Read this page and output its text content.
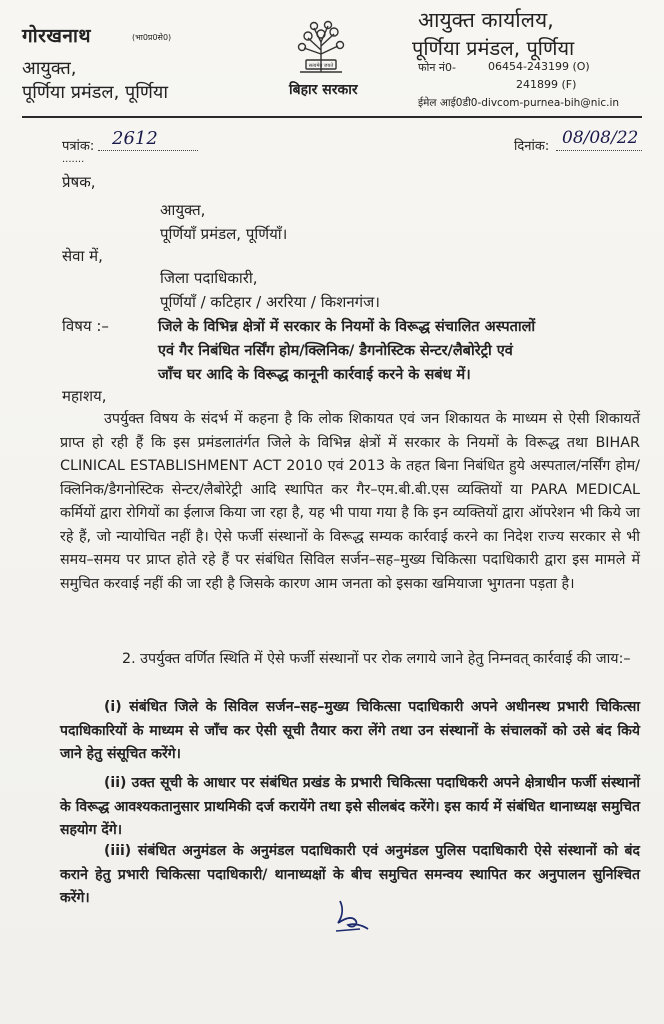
गोरखनाथ	(भा0प्र0से0)
आयुक्त,
पूर्णिया प्रमंडल, पूर्णिया
सत्यमेव जयते
बिहार सरकार
आयुक्त कार्यालय,
पूर्णिया प्रमंडल, पूर्णिया
फोन नं0-	06454-243199 (O)
241899 (F)
ईमेल आई0डी0-divcom-purnea-bih@nic.in
पत्रांक: 2612
.......
दिनांक: 08/08/22
प्रेषक,
आयुक्त,
पूर्णियाँ प्रमंडल, पूर्णियाँ।
सेवा में,
जिला पदाधिकारी,
पूर्णियाँ / कटिहार / अररिया / किशनगंज।
विषय :–	जिले के विभिन्न क्षेत्रों में सरकार के नियमों के विरूद्ध संचालित अस्पतालों
एवं गैर निबंधित नर्सिंग होम/क्लिनिक/ डैगनोस्टिक सेन्टर/लैबोरेट्री एवं
जाँच घर आदि के विरूद्ध कानूनी कार्रवाई करने के सबंध में।
महाशय,
उपर्युक्त विषय के संदर्भ में कहना है कि लोक शिकायत एवं जन शिकायत के माध्यम से ऐसी शिकायतें प्राप्त हो रही हैं कि इस प्रमंडलातंर्गत जिले के विभिन्न क्षेत्रों में सरकार के नियमों के विरूद्ध तथा BIHAR CLINICAL ESTABLISHMENT ACT 2010 एवं 2013 के तहत बिना निबंधित हुये अस्पताल/नर्सिंग होम/क्लिनिक/डैगनोस्टिक सेन्टर/लैबोरेट्री आदि स्थापित कर गैर–एम.बी.बी.एस व्यक्तियों या PARA MEDICAL कर्मियों द्वारा रोगियों का ईलाज किया जा रहा है, यह भी पाया गया है कि इन व्यक्तियों द्वारा ऑपरेशन भी किये जा रहे हैं, जो न्यायोचित नहीं है। ऐसे फर्जी संस्थानों के विरूद्ध सम्यक कार्रवाई करने का निदेश राज्य सरकार से भी समय–समय पर प्राप्त होते रहे हैं पर संबंधित सिविल सर्जन–सह–मुख्य चिकित्सा पदाधिकारी द्वारा इस मामले में समुचित करवाई नहीं की जा रही है जिसके कारण आम जनता को इसका खमियाजा भुगतना पड़ता है।
2. उपर्युक्त वर्णित स्थिति में ऐसे फर्जी संस्थानों पर रोक लगाये जाने हेतु निम्नवत् कार्रवाई की जाय:–
(i) संबंधित जिले के सिविल सर्जन–सह–मुख्य चिकित्सा पदाधिकारी अपने अधीनस्थ प्रभारी चिकित्सा पदाधिकारियों के माध्यम से जाँच कर ऐसी सूची तैयार करा लेंगे तथा उन संस्थानों के संचालकों को उसे बंद किये जाने हेतु संसूचित करेंगे।
(ii) उक्त सूची के आधार पर संबंधित प्रखंड के प्रभारी चिकित्सा पदाधिकरी अपने क्षेत्राधीन फर्जी संस्थानों के विरूद्ध आवश्यकतानुसार प्राथमिकी दर्ज करायेंगे तथा इसे सीलबंद करेंगे। इस कार्य में संबंधित थानाध्यक्ष समुचित सहयोग देंगे।
(iii) संबंधित अनुमंडल के अनुमंडल पदाधिकारी एवं अनुमंडल पुलिस पदाधिकारी ऐसे संस्थानों को बंद कराने हेतु प्रभारी चिकित्सा पदाधिकारी/ थानाध्यक्षों के बीच समुचित समन्वय स्थापित कर अनुपालन सुनिश्चित करेंगे।
